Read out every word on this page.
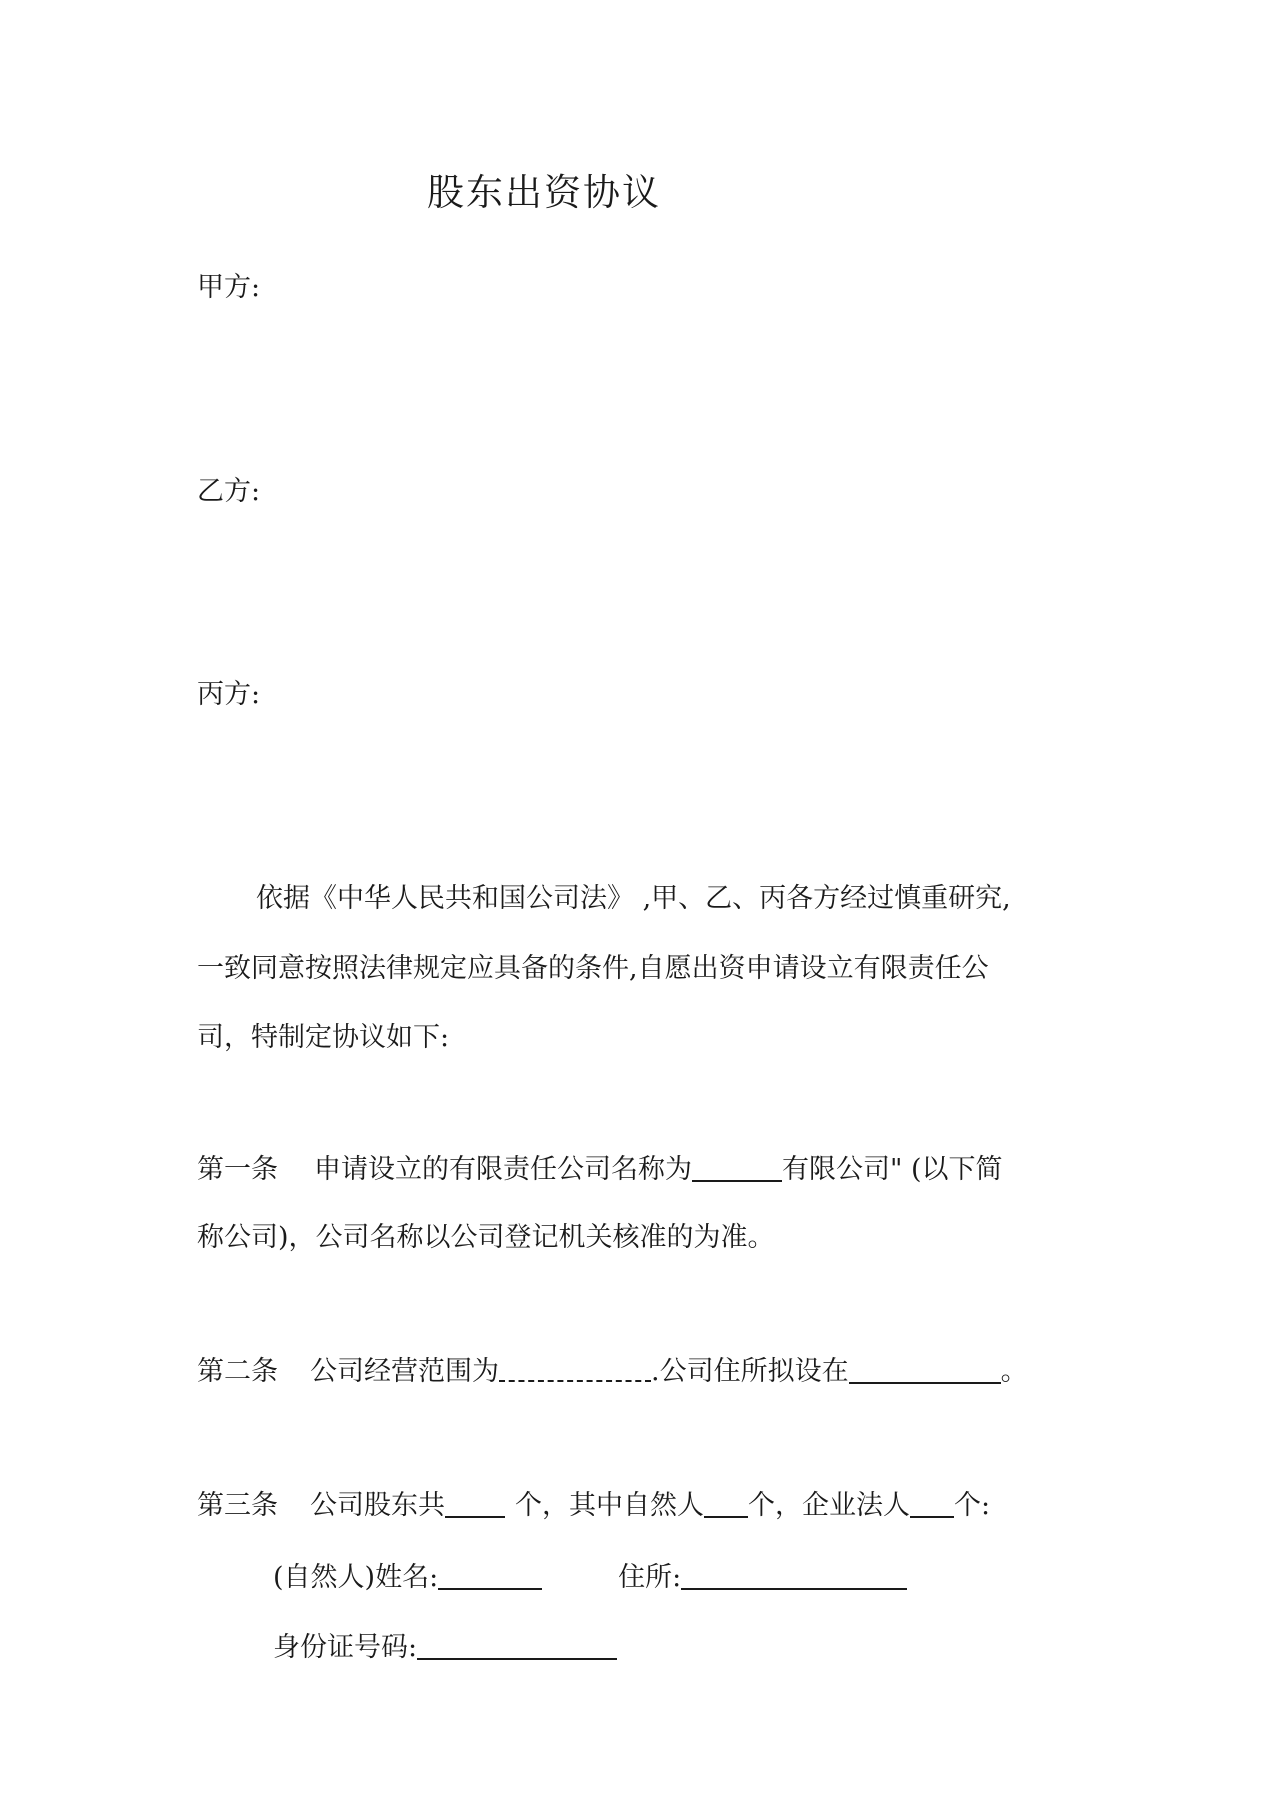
股东出资协议
甲方:
乙方:
丙方:
依据《中华人民共和国公司法》 ,甲、乙、丙各方经过慎重研究,
一致同意按照法律规定应具备的条件,自愿出资申请设立有限责任公
司，特制定协议如下:
第一条 申请设立的有限责任公司名称为	有限公司" (以下简
称公司)，公司名称以公司登记机关核准的为准。
第二条 公司经营范围为	.公司住所拟设在	。
第三条 公司股东共	个，其中自然人 个，企业法人 个:
(自然人)姓名:	住所:
身份证号码:
